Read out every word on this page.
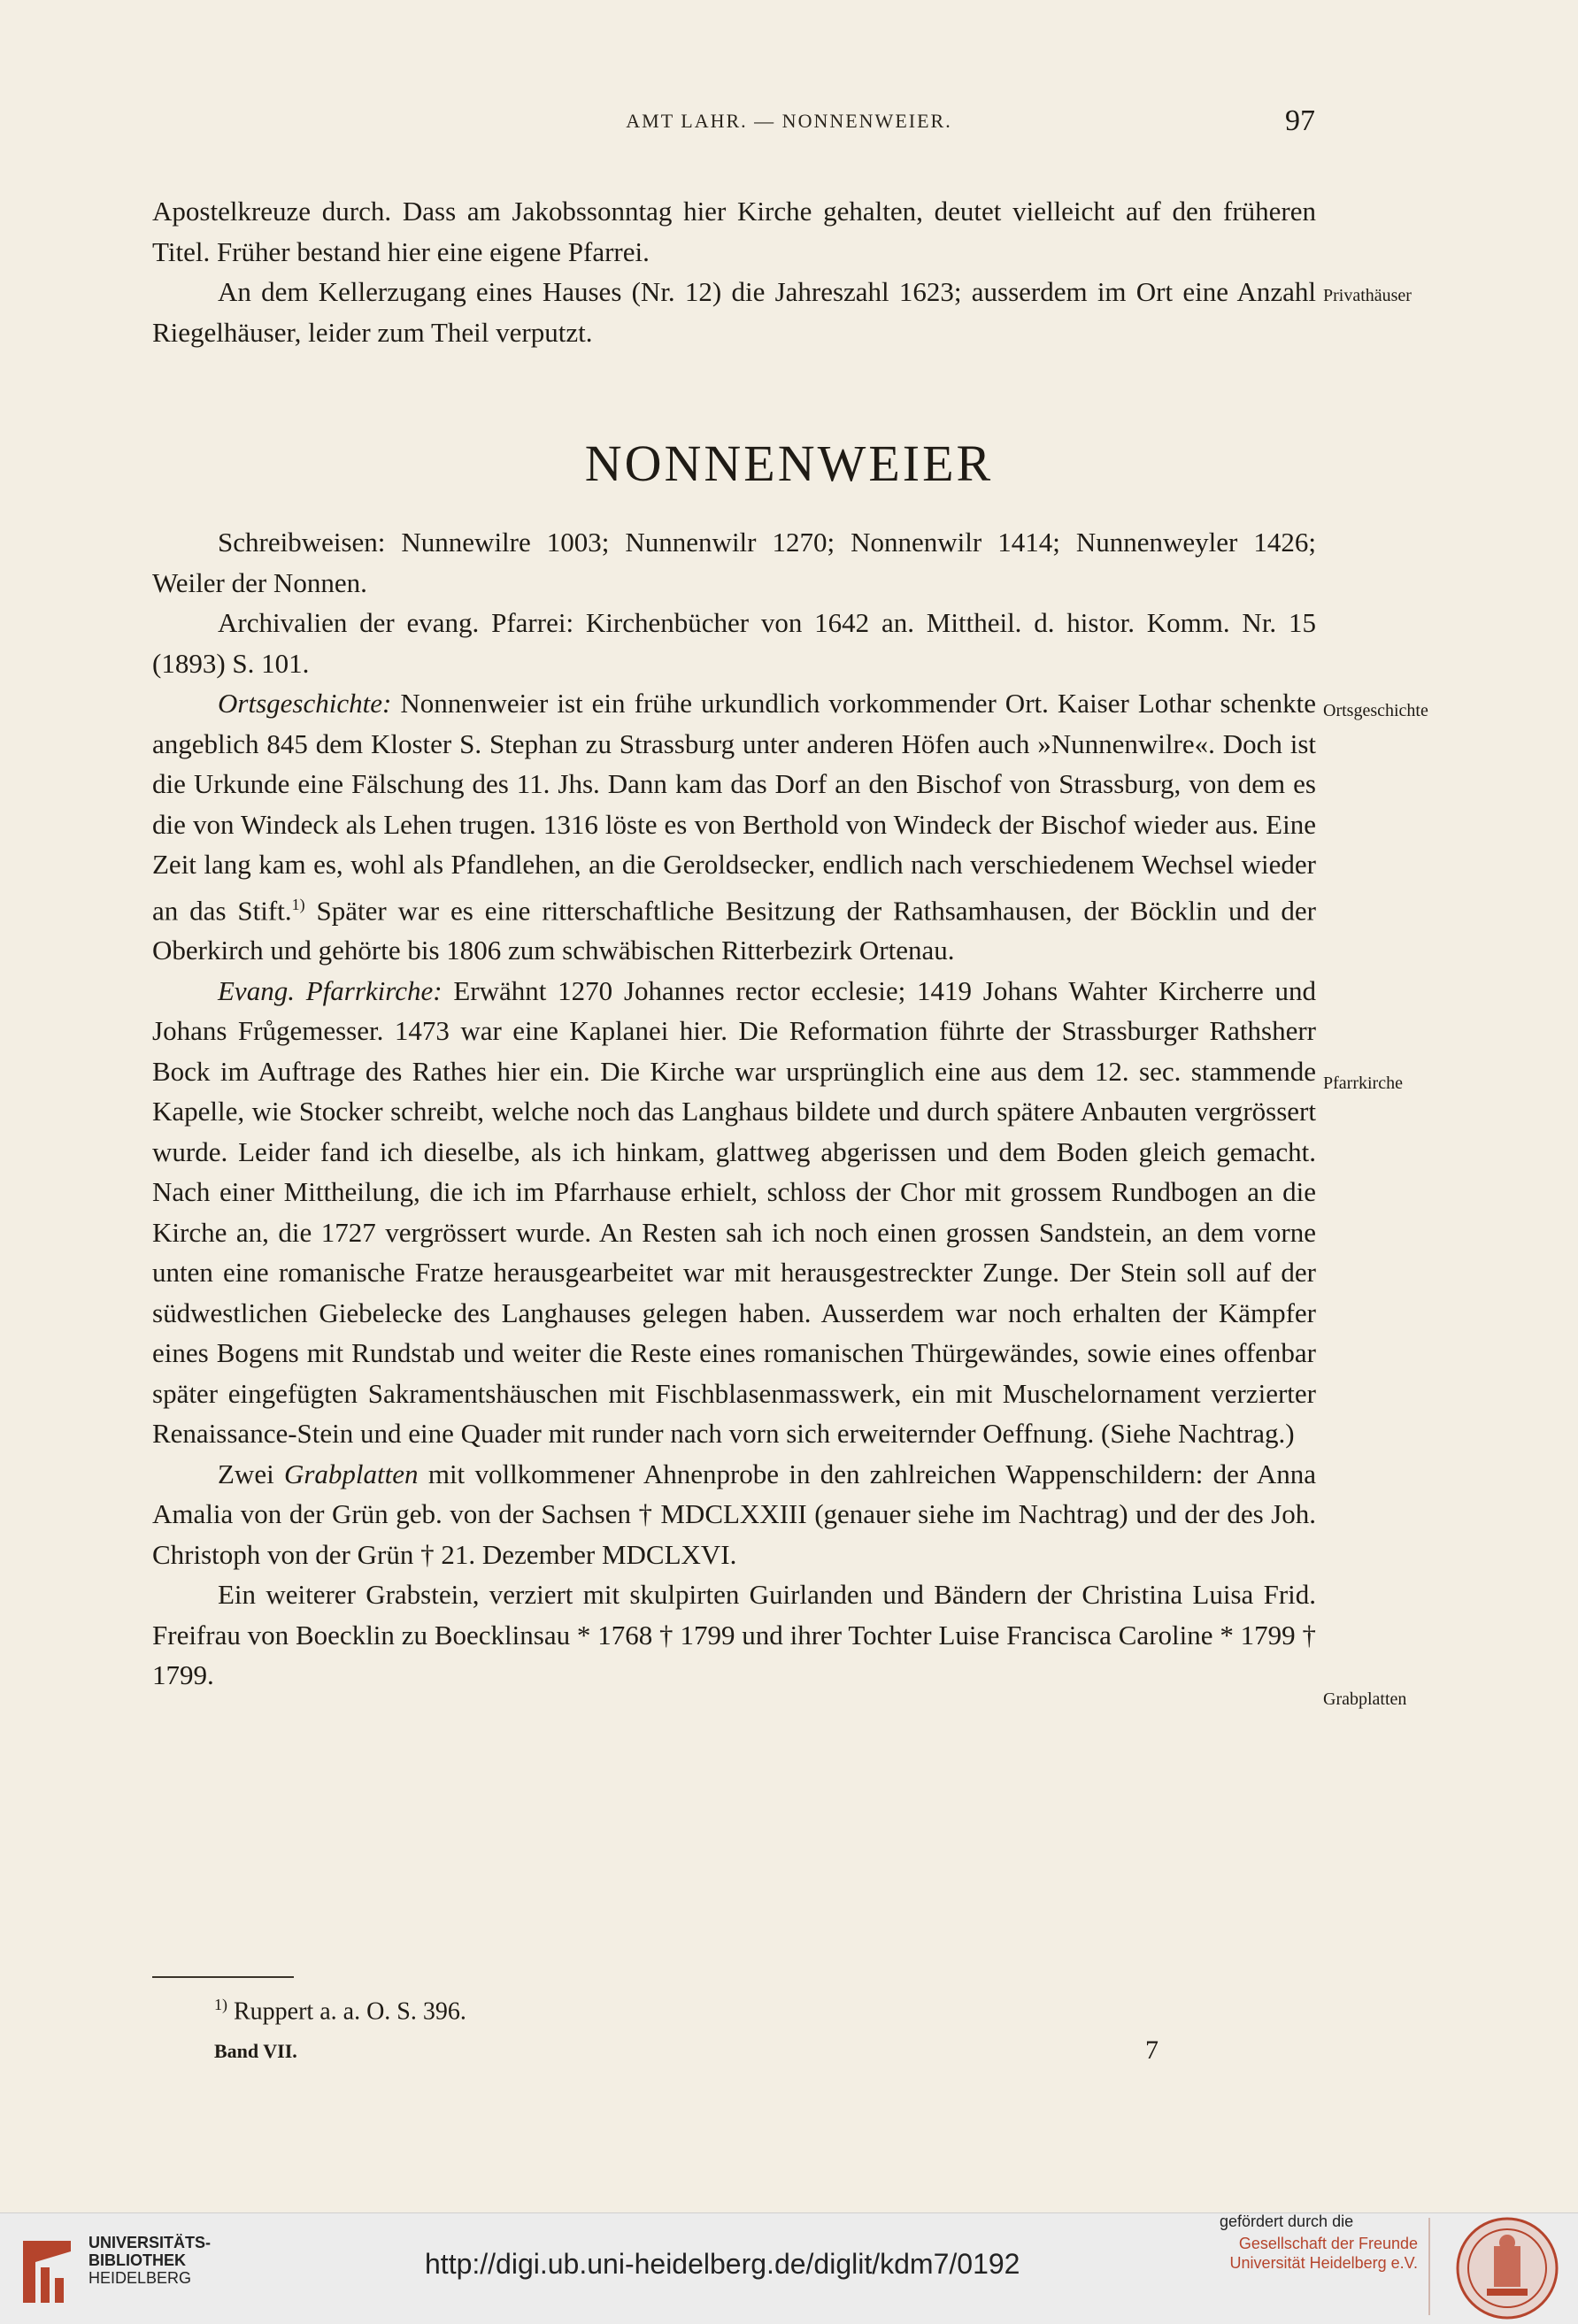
AMT LAHR. — NONNENWEIER.	97

Apostelkreuze durch. Dass am Jakobssonntag hier Kirche gehalten, deutet vielleicht auf den früheren Titel. Früher bestand hier eine eigene Pfarrei.

An dem Kellerzugang eines Hauses (Nr. 12) die Jahreszahl 1623; ausserdem im Ort eine Anzahl Riegelhäuser, leider zum Theil verputzt.

Privathäuser
NONNENWEIER

Schreibweisen: Nunnewilre 1003; Nunnenwilr 1270; Nonnenwilr 1414; Nunnenweyler 1426; Weiler der Nonnen.

Archivalien der evang. Pfarrei: Kirchenbücher von 1642 an. Mittheil. d. histor. Komm. Nr. 15 (1893) S. 101.

Ortsgeschichte: Nonnenweier ist ein frühe urkundlich vorkommender Ort. Kaiser Lothar schenkte angeblich 845 dem Kloster S. Stephan zu Strassburg unter anderen Höfen auch »Nunnenwilre«. Doch ist die Urkunde eine Fälschung des 11. Jhs. Dann kam das Dorf an den Bischof von Strassburg, von dem es die von Windeck als Lehen trugen. 1316 löste es von Berthold von Windeck der Bischof wieder aus. Eine Zeit lang kam es, wohl als Pfandlehen, an die Geroldsecker, endlich nach verschiedenem Wechsel wieder an das Stift.$^{1)}$ Später war es eine ritterschaftliche Besitzung der Rathsamhausen, der Böcklin und der Oberkirch und gehörte bis 1806 zum schwäbischen Ritterbezirk Ortenau.

Evang. Pfarrkirche: Erwähnt 1270 Johannes rector ecclesie; 1419 Johans Wahter Kircherre und Johans Frůgemesser. 1473 war eine Kaplanei hier. Die Reformation führte der Strassburger Rathsherr Bock im Auftrage des Rathes hier ein. Die Kirche war ursprünglich eine aus dem 12. sec. stammende Kapelle, wie Stocker schreibt, welche noch das Langhaus bildete und durch spätere Anbauten vergrössert wurde. Leider fand ich dieselbe, als ich hinkam, glattweg abgerissen und dem Boden gleich gemacht. Nach einer Mittheilung, die ich im Pfarrhause erhielt, schloss der Chor mit grossem Rundbogen an die Kirche an, die 1727 vergrössert wurde. An Resten sah ich noch einen grossen Sandstein, an dem vorne unten eine romanische Fratze herausgearbeitet war mit herausgestreckter Zunge. Der Stein soll auf der südwestlichen Giebelecke des Langhauses gelegen haben. Ausserdem war noch erhalten der Kämpfer eines Bogens mit Rundstab und weiter die Reste eines romanischen Thürgewändes, sowie eines offenbar später eingefügten Sakramentshäuschen mit Fischblasenmasswerk, ein mit Muschelornament verzierter Renaissance-Stein und eine Quader mit runder nach vorn sich erweiternder Oeffnung. (Siehe Nachtrag.)

Zwei Grabplatten mit vollkommener Ahnenprobe in den zahlreichen Wappenschildern: der Anna Amalia von der Grün geb. von der Sachsen † MDCLXXIII (genauer siehe im Nachtrag) und der des Joh. Christoph von der Grün † 21. Dezember MDCLXVI.

Ein weiterer Grabstein, verziert mit skulpirten Guirlanden und Bändern der Christina Luisa Frid. Freifrau von Boecklin zu Boecklinsau * 1768 † 1799 und ihrer Tochter Luise Francisca Caroline * 1799 † 1799.

Ortsgeschichte
Pfarrkirche
Grabplatten
$^{1)}$ Ruppert a. a. O. S. 396.
Band VII.	7
UNIVERSITÄTS-
BIBLIOTHEK
HEIDELBERG	http://digi.ub.uni-heidelberg.de/diglit/kdm7/0192
gefördert durch die
Gesellschaft der Freunde
Universität Heidelberg e.V.
